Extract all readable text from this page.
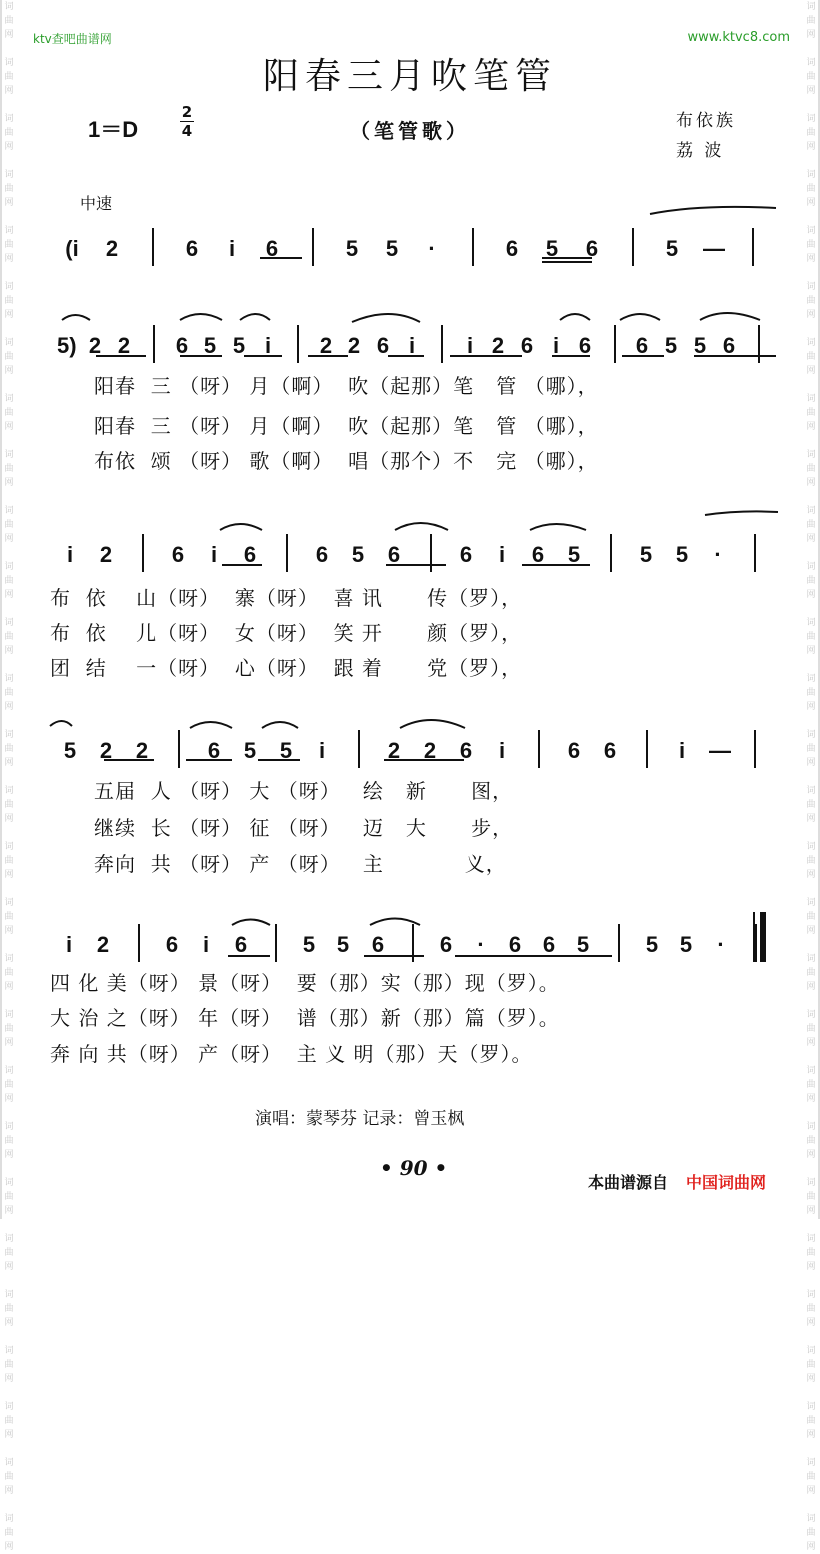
词
曲
网

词
曲
网

词
曲
网

词
曲
网

词
曲
网

词
曲
网

词
曲
网

词
曲
网

词
曲
网

词
曲
网

词
曲
网

词
曲
网

词
曲
网

词
曲
网

词
曲
网

词
曲
网

词
曲
网

词
曲
网

词
曲
网

词
曲
网

词
曲
网

词
曲
网

词
曲
网

词
曲
网

词
曲
网

词
曲
网

词
曲
网

词
曲
网

词
曲
网

词
曲
网

词
曲
网

词
曲
网

词
曲
网

词
曲
网

词
曲
网

词
曲
网

词
曲
网

词
曲
网

词
曲
网

词
曲
网

词
曲
网

词
曲
网

词
曲
网

词
曲
网

词
曲
网

词
曲
网

词
曲
网

词
曲
网

词
曲
网

词
曲
网

词
曲
网

词
曲
网

词
曲
网

词
曲
网

词
曲
网

词
曲
网

ktv查吧曲谱网	www.ktvc8.com
阳春三月吹笔管
1＝D
2
4	（笔管歌）	布依族
荔 波
中速
(i 2	6 i 6	5 5 ·	6 5 6	5 —
5) 2 2 6 5 5 i 2 2 6 i i 2 6 i 6 6 5 5 6
阳春  三 （呀） 月（啊）  吹（起那）笔   管 （哪），
阳春  三 （呀） 月（啊）  吹（起那）笔   管 （哪），
布依  颂 （呀） 歌（啊）  唱（那个）不   完 （哪），
i 2	6 i 6	6 5 6	6 i 6 5	5 5 ·
布  依    山（呀）  寨（呀）  喜 讯      传（罗），
布  依    儿（呀）  女（呀）  笑 开      颜（罗），
团  结    一（呀）  心（呀）  跟 着      党（罗），
5 2 2	6 5 5 i	2 2 6 i	6 6	i —
五届  人 （呀） 大 （呀）   绘   新      图，
继续  长 （呀） 征 （呀）   迈   大      步，
奔向  共 （呀） 产 （呀）   主           义，
i 2	6 i 6	5 5 6	6 · 6 6 5	5 5 ·
四 化 美（呀） 景（呀）  要（那）实（那）现（罗）。
大 治 之（呀） 年（呀）  谱（那）新（那）篇（罗）。
奔 向 共（呀） 产（呀）  主 义 明（那）天（罗）。
演唱：蒙琴芬 记录：曾玉枫
• 90 •
本曲谱源自 中国词曲网
